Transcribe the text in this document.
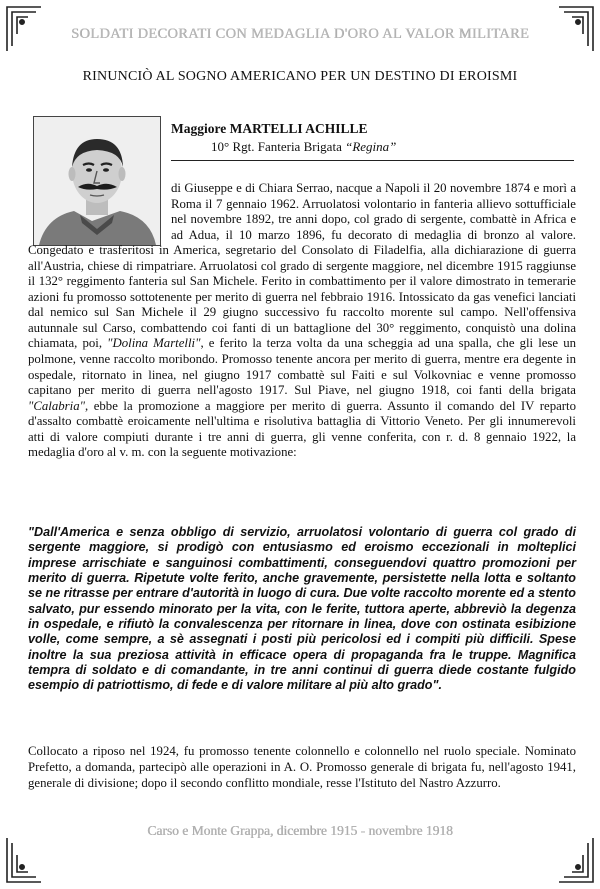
SOLDATI DECORATI CON MEDAGLIA D'ORO AL VALOR MILITARE
RINUNCIÒ AL SOGNO AMERICANO PER UN DESTINO DI EROISMI
Maggiore MARTELLI ACHILLE
10° Rgt. Fanteria Brigata “Regina”

di Giuseppe e di Chiara Serrao, nacque a Napoli il 20 novembre 1874 e morì a Roma il 7 gennaio 1962. Arruolatosi volontario in fanteria allievo sottufficiale nel novembre 1892, tre anni dopo, col grado di sergente, combattè in Africa e ad Adua, il 10 marzo 1896, fu decorato di medaglia di bronzo al valore. Congedato e trasferitosi in America, segretario del Consolato di Filadelfia, alla dichiarazione di guerra all'Austria, chiese di rimpatriare. Arruolatosi col grado di sergente maggiore, nel dicembre 1915 raggiunse il 132° reggimento fanteria sul San Michele. Ferito in combattimento per il valore dimostrato in temerarie azioni fu promosso sottotenente per merito di guerra nel febbraio 1916. Intossicato da gas venefici lanciati dal nemico sul San Michele il 29 giugno successivo fu raccolto morente sul campo. Nell'offensiva autunnale sul Carso, combattendo coi fanti di un battaglione del 30° reggimento, conquistò una dolina chiamata, poi, "Dolina Martelli", e ferito la terza volta da una scheggia ad una spalla, che gli lese un polmone, venne raccolto moribondo. Promosso tenente ancora per merito di guerra, mentre era degente in ospedale, ritornato in linea, nel giugno 1917 combattè sul Faiti e sul Volkovniac e venne promosso capitano per merito di guerra nell'agosto 1917. Sul Piave, nel giugno 1918, coi fanti della brigata "Calabria", ebbe la promozione a maggiore per merito di guerra. Assunto il comando del IV reparto d'assalto combattè eroicamente nell'ultima e risolutiva battaglia di Vittorio Veneto. Per gli innumerevoli atti di valore compiuti durante i tre anni di guerra, gli venne conferita, con r. d. 8 gennaio 1922, la medaglia d'oro al v. m. con la seguente motivazione:

"Dall'America e senza obbligo di servizio, arruolatosi volontario di guerra col grado di sergente maggiore, si prodigò con entusiasmo ed eroismo eccezionali in molteplici imprese arrischiate e sanguinosi combattimenti, conseguendovi quattro promozioni per merito di guerra. Ripetute volte ferito, anche gravemente, persistette nella lotta e soltanto se ne ritrasse per entrare d'autorità in luogo di cura. Due volte raccolto morente ed a stento salvato, pur essendo minorato per la vita, con le ferite, tuttora aperte, abbreviò la degenza in ospedale, e rifiutò la convalescenza per ritornare in linea, dove con ostinata esibizione volle, come sempre, a sè assegnati i posti più pericolosi ed i compiti più difficili. Spese inoltre la sua preziosa attività in efficace opera di propaganda fra le truppe. Magnifica tempra di soldato e di comandante, in tre anni continui di guerra diede costante fulgido esempio di patriottismo, di fede e di valore militare al più alto grado".

Collocato a riposo nel 1924, fu promosso tenente colonnello e colonnello nel ruolo speciale. Nominato Prefetto, a domanda, partecipò alle operazioni in A. O. Promosso generale di brigata fu, nell'agosto 1941, generale di divisione; dopo il secondo conflitto mondiale, resse l'Istituto del Nastro Azzurro.

Carso e Monte Grappa, dicembre 1915 - novembre 1918
